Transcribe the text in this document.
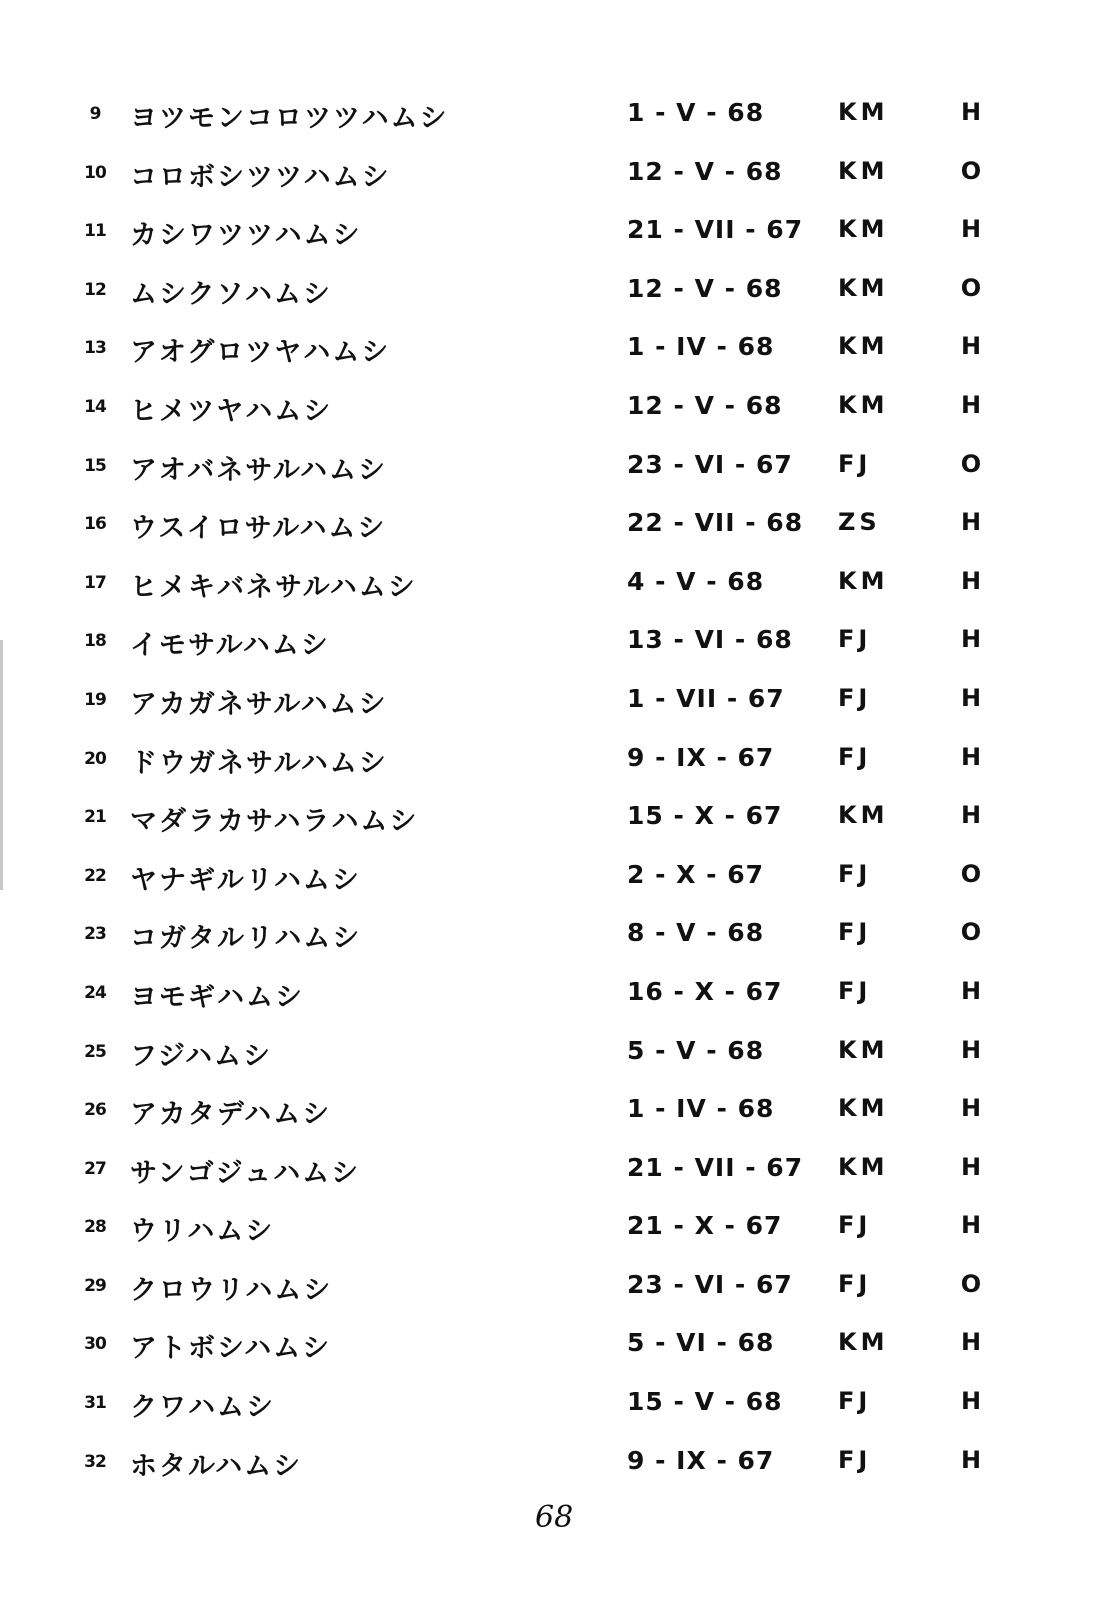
9	ヨツモンコロツツハムシ	1 - V - 68	KM	H
10 コロボシツツハムシ	12 - V - 68	KM	O
11 カシワツツハムシ	21 - VII - 67 KM	H
12 ムシクソハムシ	12 - V - 68	KM	O
13 アオグロツヤハムシ	1 - IV - 68	KM	H
14 ヒメツヤハムシ	12 - V - 68	KM	H
15 アオバネサルハムシ	23 - VI - 67 FJ	O
16 ウスイロサルハムシ	22 - VII - 68 ZS	H
17 ヒメキバネサルハムシ	4 - V - 68	KM	H
18 イモサルハムシ	13 - VI - 68 FJ	H
19 アカガネサルハムシ	1 - VII - 67	FJ	H
20 ドウガネサルハムシ	9 - IX - 67	FJ	H
21 マダラカサハラハムシ	15 - X - 67	KM	H
22 ヤナギルリハムシ	2 - X - 67	FJ	O
23 コガタルリハムシ	8 - V - 68	FJ	O
24 ヨモギハムシ	16 - X - 67	FJ	H
25 フジハムシ	5 - V - 68	KM	H
26 アカタデハムシ	1 - IV - 68	KM	H
27 サンゴジュハムシ	21 - VII - 67 KM	H
28 ウリハムシ	21 - X - 67	FJ	H
29 クロウリハムシ	23 - VI - 67 FJ	O
30 アトボシハムシ	5 - VI - 68	KM	H
31 クワハムシ	15 - V - 68	FJ	H
32 ホタルハムシ	9 - IX - 67	FJ	H
68
